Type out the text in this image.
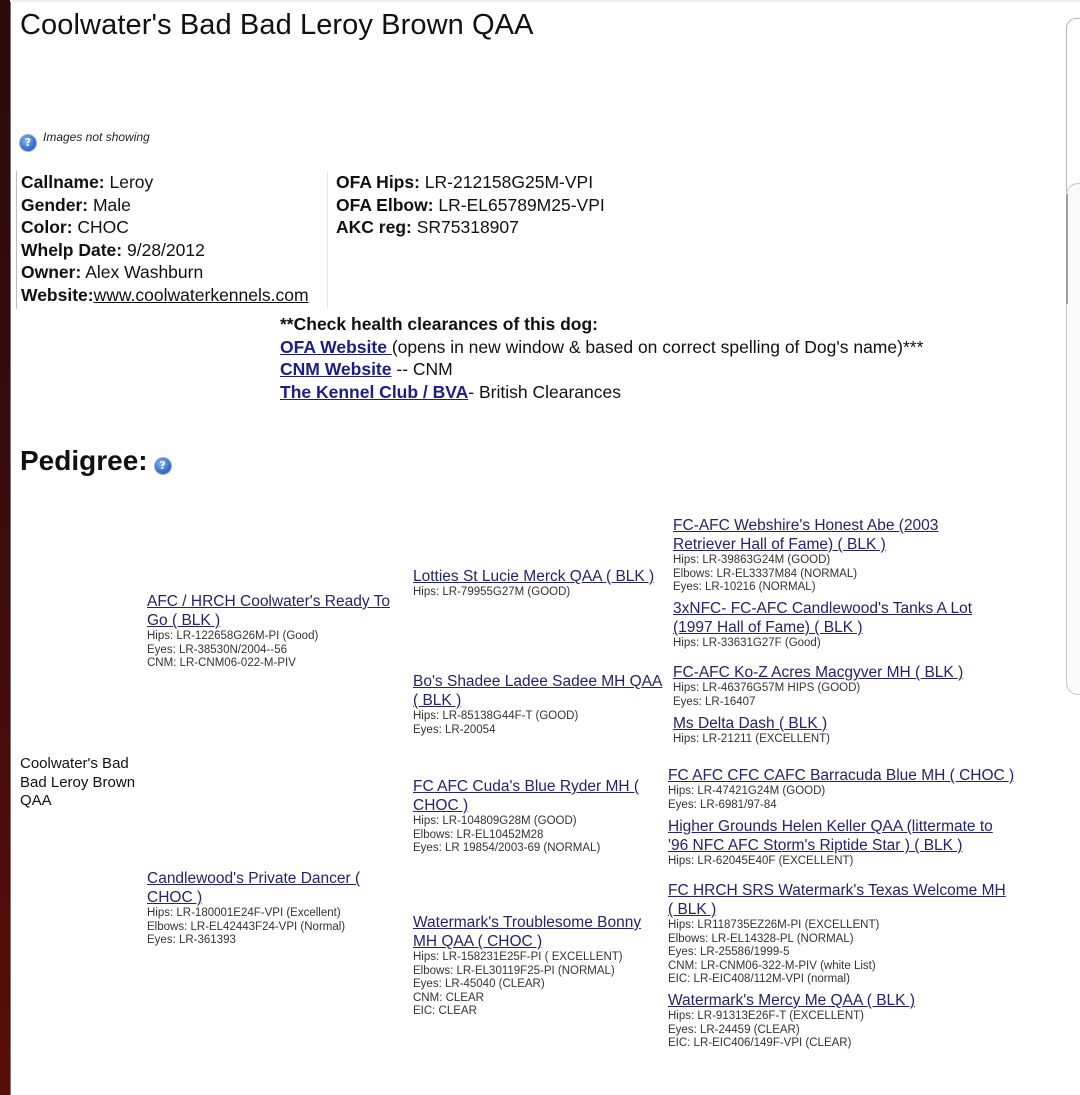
Coolwater's Bad Bad Leroy Brown QAA
? Images not showing
Callname: Leroy
Gender: Male
Color: CHOC
Whelp Date: 9/28/2012
Owner: Alex Washburn
Website:www.coolwaterkennels.com
OFA Hips: LR-212158G25M-VPI
OFA Elbow: LR-EL65789M25-VPI
AKC reg: SR75318907
**Check health clearances of this dog:
OFA Website (opens in new window & based on correct spelling of Dog's name)***
CNM Website -- CNM
The Kennel Club / BVA- British Clearances
Pedigree:	?
Coolwater's Bad Bad Leroy Brown QAA
AFC / HRCH Coolwater's Ready To Go ( BLK )
Hips: LR-122658G26M-PI (Good)
Eyes: LR-38530N/2004--56
CNM: LR-CNM06-022-M-PIV
Candlewood's Private Dancer ( CHOC )
Hips: LR-180001E24F-VPI (Excellent)
Elbows: LR-EL42443F24-VPI (Normal)
Eyes: LR-361393
Lotties St Lucie Merck QAA ( BLK )
Hips: LR-79955G27M (GOOD)
Bo's Shadee Ladee Sadee MH QAA ( BLK )
Hips: LR-85138G44F-T (GOOD)
Eyes: LR-20054
FC AFC Cuda's Blue Ryder MH ( CHOC )
Hips: LR-104809G28M (GOOD)
Elbows: LR-EL10452M28
Eyes: LR 19854/2003-69 (NORMAL)
Watermark's Troublesome Bonny MH QAA ( CHOC )
Hips: LR-158231E25F-PI ( EXCELLENT)
Elbows: LR-EL30119F25-PI (NORMAL)
Eyes: LR-45040 (CLEAR)
CNM: CLEAR
EIC: CLEAR
FC-AFC Webshire's Honest Abe (2003 Retriever Hall of Fame) ( BLK )
Hips: LR-39863G24M (GOOD)
Elbows: LR-EL3337M84 (NORMAL)
Eyes: LR-10216 (NORMAL)
3xNFC- FC-AFC Candlewood's Tanks A Lot (1997 Hall of Fame) ( BLK )
Hips: LR-33631G27F (Good)
FC-AFC Ko-Z Acres Macgyver MH ( BLK )
Hips: LR-46376G57M HIPS (GOOD)
Eyes: LR-16407
Ms Delta Dash ( BLK )
Hips: LR-21211 (EXCELLENT)
FC AFC CFC CAFC Barracuda Blue MH ( CHOC )
Hips: LR-47421G24M (GOOD)
Eyes: LR-6981/97-84
Higher Grounds Helen Keller QAA (littermate to '96 NFC AFC Storm's Riptide Star ) ( BLK )
Hips: LR-62045E40F (EXCELLENT)
FC HRCH SRS Watermark's Texas Welcome MH ( BLK )
Hips: LR118735EZ26M-PI (EXCELLENT)
Elbows: LR-EL14328-PL (NORMAL)
Eyes: LR-25586/1999-5
CNM: LR-CNM06-322-M-PIV (white List)
EIC: LR-EIC408/112M-VPI (normal)
Watermark's Mercy Me QAA ( BLK )
Hips: LR-91313E26F-T (EXCELLENT)
Eyes: LR-24459 (CLEAR)
EIC: LR-EIC406/149F-VPI (CLEAR)
